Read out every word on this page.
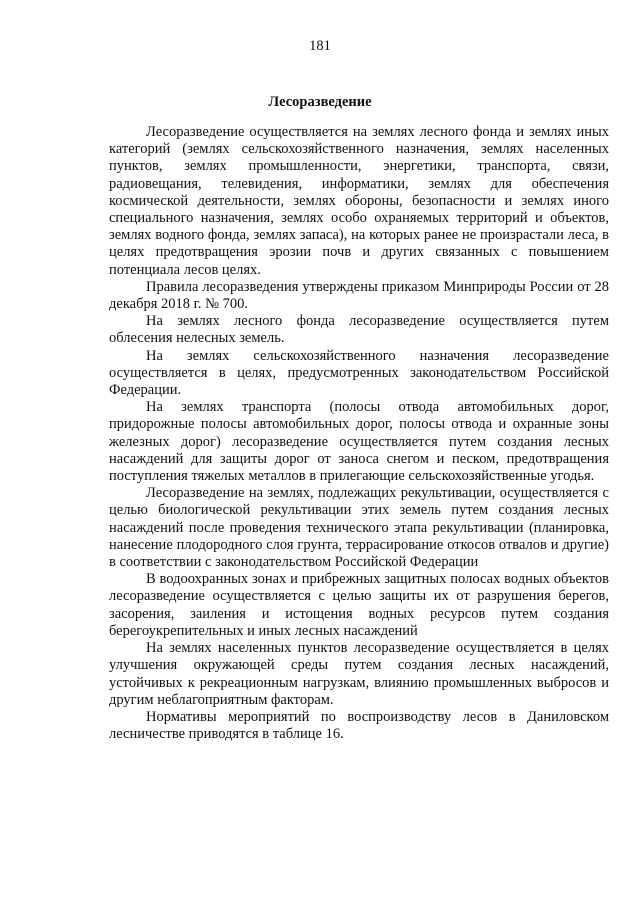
181
Лесоразведение

Лесоразведение осуществляется на землях лесного фонда и землях иных категорий (землях сельскохозяйственного назначения, землях населенных пунктов, землях промышленности, энергетики, транспорта, связи, радиовещания, телевидения, информатики, землях для обеспечения космической деятельности, землях обороны, безопасности и землях иного специального назначения, землях особо охраняемых территорий и объектов, землях водного фонда, землях запаса), на которых ранее не произрастали леса, в целях предотвращения эрозии почв и других связанных с повышением потенциала лесов целях.

Правила лесоразведения утверждены приказом Минприроды России от 28 декабря 2018 г. № 700.

На землях лесного фонда лесоразведение осуществляется путем облесения нелесных земель.

На землях сельскохозяйственного назначения лесоразведение осуществляется в целях, предусмотренных законодательством Российской Федерации.

На землях транспорта (полосы отвода автомобильных дорог, придорожные полосы автомобильных дорог, полосы отвода и охранные зоны железных дорог) лесоразведение осуществляется путем создания лесных насаждений для защиты дорог от заноса снегом и песком, предотвращения поступления тяжелых металлов в прилегающие сельскохозяйственные угодья.

Лесоразведение на землях, подлежащих рекультивации, осуществляется с целью биологической рекультивации этих земель путем создания лесных насаждений после проведения технического этапа рекультивации (планировка, нанесение плодородного слоя грунта, террасирование откосов отвалов и другие) в соответствии с законодательством Российской Федерации

В водоохранных зонах и прибрежных защитных полосах водных объектов лесоразведение осуществляется с целью защиты их от разрушения берегов, засорения, заиления и истощения водных ресурсов путем создания берегоукрепительных и иных лесных насаждений

На землях населенных пунктов лесоразведение осуществляется в целях улучшения окружающей среды путем создания лесных насаждений, устойчивых к рекреационным нагрузкам, влиянию промышленных выбросов и другим неблагоприятным факторам.

Нормативы мероприятий по воспроизводству лесов в Даниловском лесничестве приводятся в таблице 16.
